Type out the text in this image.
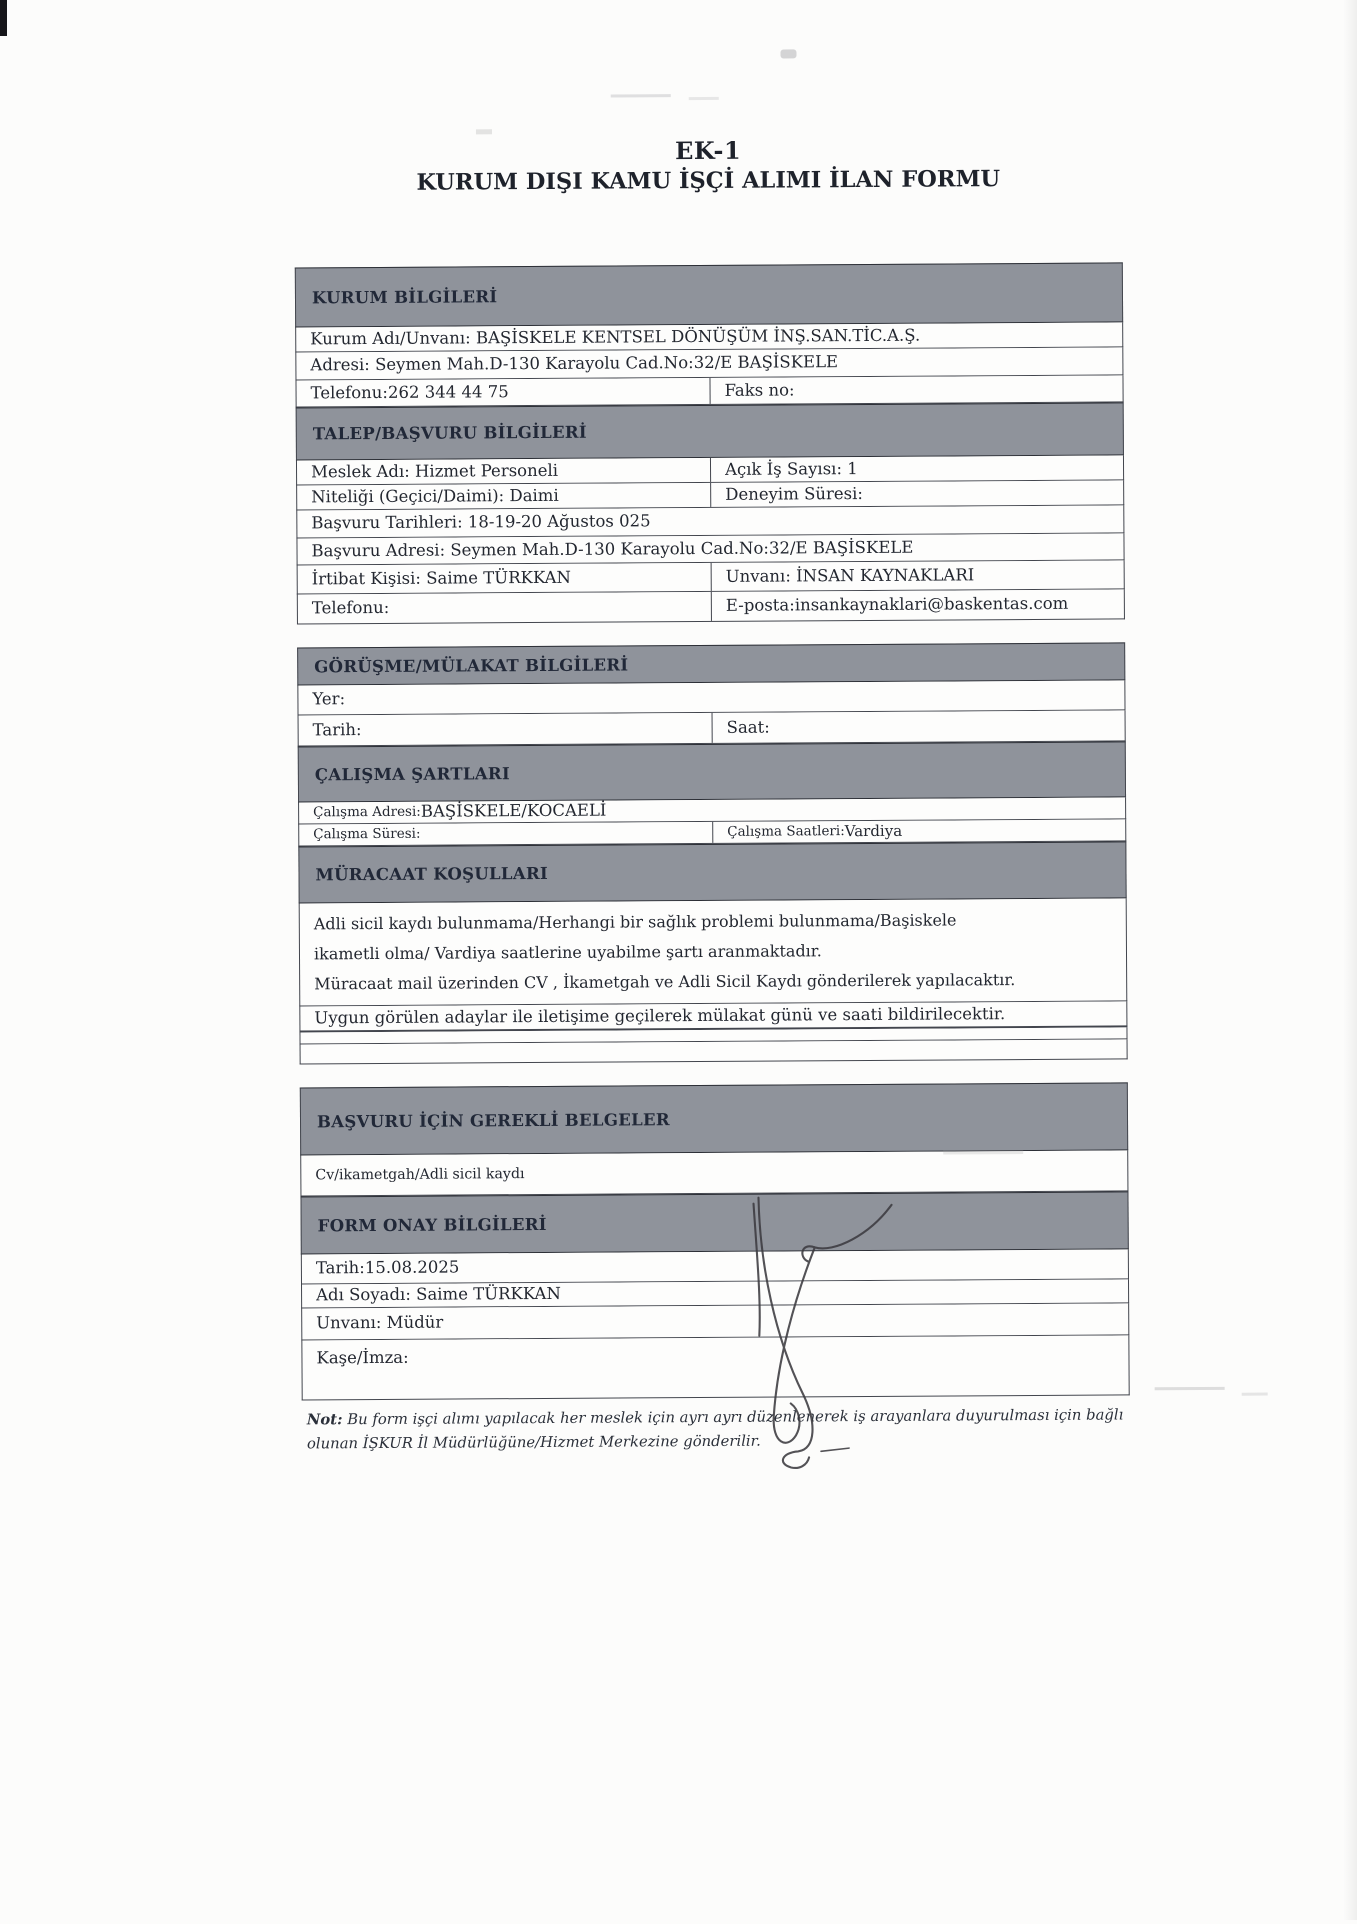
EK-1
KURUM DIŞI KAMU İŞÇİ ALIMI İLAN FORMU
KURUM BİLGİLERİ
Kurum Adı/Unvanı: BAŞİSKELE KENTSEL DÖNÜŞÜM İNŞ.SAN.TİC.A.Ş.
Adresi: Seymen Mah.D-130 Karayolu Cad.No:32/E BAŞİSKELE
Telefonu:262 344 44 75	Faks no:
TALEP/BAŞVURU BİLGİLERİ
Meslek Adı: Hizmet Personeli	Açık İş Sayısı: 1
Niteliği (Geçici/Daimi): Daimi	Deneyim Süresi:
Başvuru Tarihleri: 18-19-20 Ağustos 025
Başvuru Adresi: Seymen Mah.D-130 Karayolu Cad.No:32/E BAŞİSKELE
İrtibat Kişisi: Saime TÜRKKAN	Unvanı: İNSAN KAYNAKLARI
Telefonu:	E-posta:insankaynaklari@baskentas.com
GÖRÜŞME/MÜLAKAT BİLGİLERİ
Yer:
Tarih:	Saat:
ÇALIŞMA ŞARTLARI
Çalışma Adresi: BAŞİSKELE/KOCAELİ
Çalışma Süresi:	Çalışma Saatleri: Vardiya
MÜRACAAT KOŞULLARI
Adli sicil kaydı bulunmama/Herhangi bir sağlık problemi bulunmama/Başiskele
ikametli olma/ Vardiya saatlerine uyabilme şartı aranmaktadır.
Müracaat mail üzerinden CV , İkametgah ve Adli Sicil Kaydı gönderilerek yapılacaktır.
Uygun görülen adaylar ile iletişime geçilerek mülakat günü ve saati bildirilecektir.
BAŞVURU İÇİN GEREKLİ BELGELER
Cv/ikametgah/Adli sicil kaydı
FORM ONAY BİLGİLERİ
Tarih:15.08.2025
Adı Soyadı: Saime TÜRKKAN
Unvanı: Müdür
Kaşe/İmza:
Not: Bu form işçi alımı yapılacak her meslek için ayrı ayrı düzenlenerek iş arayanlara duyurulması için bağlı
olunan İŞKUR İl Müdürlüğüne/Hizmet Merkezine gönderilir.
